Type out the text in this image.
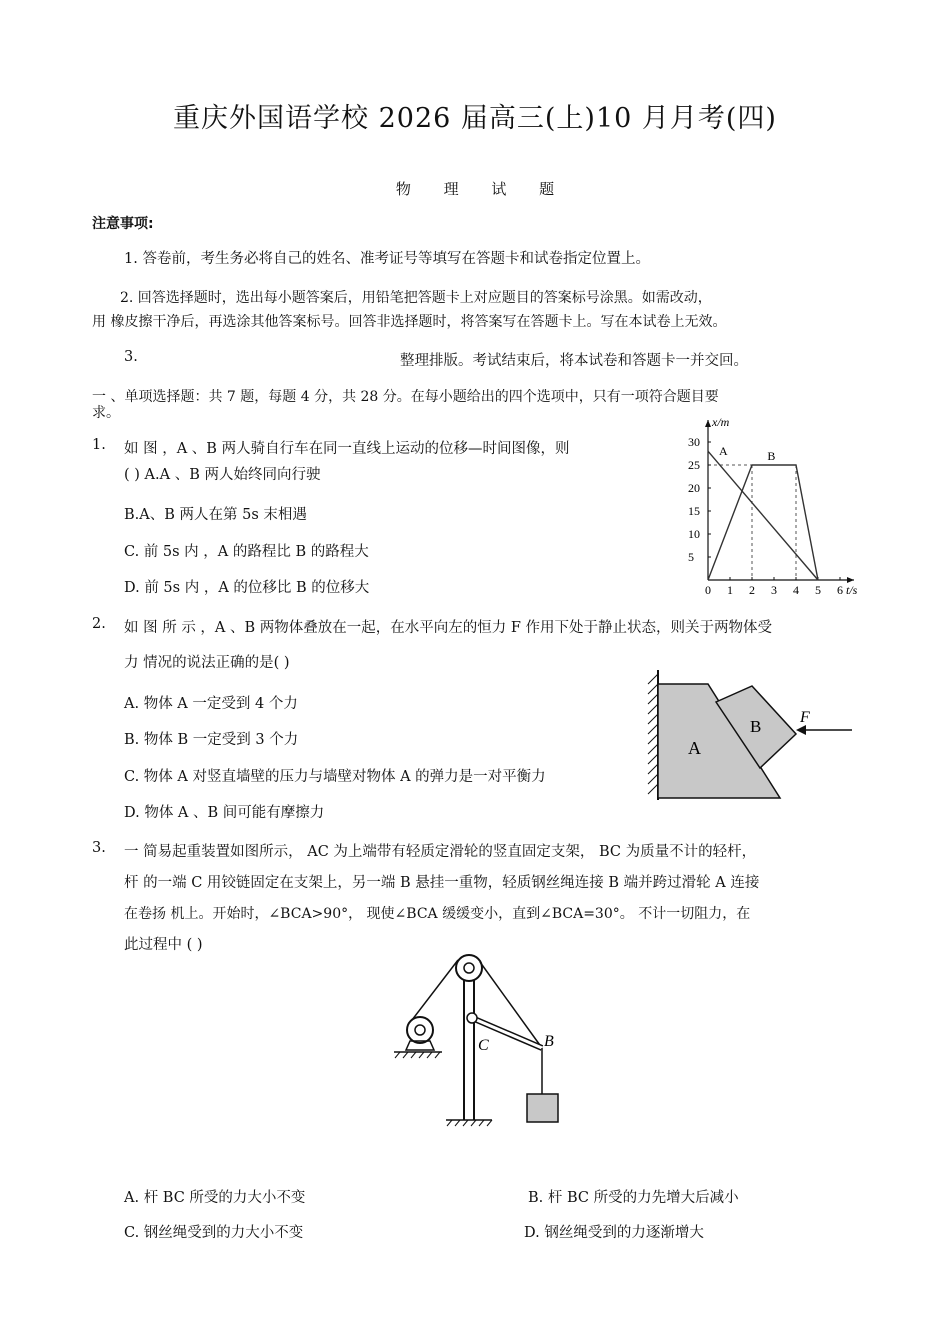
重庆外国语学校 2026 届高三(上)10 月月考(四)
物 理 试 题
注意事项:
1. 答卷前，考生务必将自己的姓名、准考证号等填写在答题卡和试卷指定位置上。
2. 回答选择题时，选出每小题答案后，用铅笔把答题卡上对应题目的答案标号涂黑。如需改动，
用 橡皮擦干净后，再选涂其他答案标号。回答非选择题时，将答案写在答题卡上。写在本试卷上无效。
3.	整理排版。考试结束后，将本试卷和答题卡一并交回。
一 、单项选择题：共 7 题，每题 4 分，共 28 分。在每小题给出的四个选项中，只有一项符合题目要
求。
1. 如 图 ，A 、B 两人骑自行车在同一直线上运动的位移—时间图像，则
( ) A.A 、B 两人始终同向行驶
B.A、B 两人在第 5s 末相遇
C. 前 5s 内 ，A 的路程比 B 的路程大
D. 前 5s 内 ，A 的位移比 B 的位移大	0 1 2 3 4 5 6
5
10
15
20
25
30
x/m
t/s
A	B
2. 如 图 所 示 ，A 、B 两物体叠放在一起，在水平向左的恒力 F 作用下处于静止状态，则关于两物体受
力 情况的说法正确的是( )
A. 物体 A 一定受到 4 个力
B. 物体 B 一定受到 3 个力
C. 物体 A 对竖直墙壁的压力与墙壁对物体 A 的弹力是一对平衡力
D. 物体 A 、B 间可能有摩擦力
A
B F
3. 一 简易起重装置如图所示， AC 为上端带有轻质定滑轮的竖直固定支架， BC 为质量不计的轻杆，
杆 的一端 C 用铰链固定在支架上，另一端 B 悬挂一重物，轻质钢丝绳连接 B 端并跨过滑轮 A 连接
在卷扬 机上。开始时，∠BCA>90°， 现使∠BCA 缓缓变小，直到∠BCA=30°。 不计一切阻力，在
此过程中 ( )
C	B
A. 杆 BC 所受的力大小不变	B. 杆 BC 所受的力先增大后减小
C. 钢丝绳受到的力大小不变	D. 钢丝绳受到的力逐渐增大
